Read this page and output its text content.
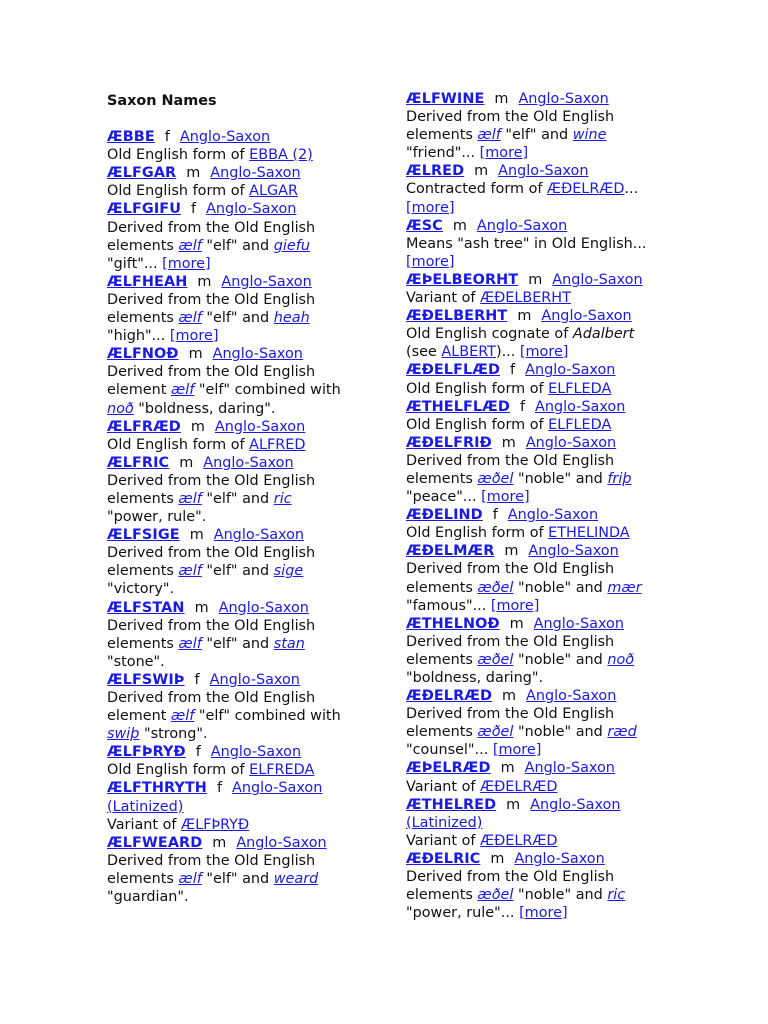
Saxon Names
ÆBBE f Anglo-Saxon
Old English form of EBBA (2)
ÆLFGAR m Anglo-Saxon
Old English form of ALGAR
ÆLFGIFU f Anglo-Saxon
Derived from the Old English
elements ælf "elf" and giefu
"gift"... [more]
ÆLFHEAH m Anglo-Saxon
Derived from the Old English
elements ælf "elf" and heah
"high"... [more]
ÆLFNOÐ m Anglo-Saxon
Derived from the Old English
element ælf "elf" combined with
noð "boldness, daring".
ÆLFRÆD m Anglo-Saxon
Old English form of ALFRED
ÆLFRIC m Anglo-Saxon
Derived from the Old English
elements ælf "elf" and ric
"power, rule".
ÆLFSIGE m Anglo-Saxon
Derived from the Old English
elements ælf "elf" and sige
"victory".
ÆLFSTAN m Anglo-Saxon
Derived from the Old English
elements ælf "elf" and stan
"stone".
ÆLFSWIÞ f Anglo-Saxon
Derived from the Old English
element ælf "elf" combined with
swiþ "strong".
ÆLFÞRYÐ f Anglo-Saxon
Old English form of ELFREDA
ÆLFTHRYTH f Anglo-Saxon
(Latinized)
Variant of ÆLFÞRYÐ
ÆLFWEARD m Anglo-Saxon
Derived from the Old English
elements ælf "elf" and weard
"guardian".
ÆLFWINE m Anglo-Saxon
Derived from the Old English
elements ælf "elf" and wine
"friend"... [more]
ÆLRED m Anglo-Saxon
Contracted form of ÆÐELRÆD...
[more]
ÆSC m Anglo-Saxon
Means "ash tree" in Old English...
[more]
ÆÞELBEORHT m Anglo-Saxon
Variant of ÆÐELBERHT
ÆÐELBERHT m Anglo-Saxon
Old English cognate of Adalbert
(see ALBERT)... [more]
ÆÐELFLÆD f Anglo-Saxon
Old English form of ELFLEDA
ÆTHELFLÆD f Anglo-Saxon
Old English form of ELFLEDA
ÆÐELFRIÐ m Anglo-Saxon
Derived from the Old English
elements æðel "noble" and friþ
"peace"... [more]
ÆÐELIND f Anglo-Saxon
Old English form of ETHELINDA
ÆÐELMÆR m Anglo-Saxon
Derived from the Old English
elements æðel "noble" and mær
"famous"... [more]
ÆTHELNOÐ m Anglo-Saxon
Derived from the Old English
elements æðel "noble" and noð
"boldness, daring".
ÆÐELRÆD m Anglo-Saxon
Derived from the Old English
elements æðel "noble" and ræd
"counsel"... [more]
ÆÞELRÆD m Anglo-Saxon
Variant of ÆÐELRÆD
ÆTHELRED m Anglo-Saxon
(Latinized)
Variant of ÆÐELRÆD
ÆÐELRIC m Anglo-Saxon
Derived from the Old English
elements æðel "noble" and ric
"power, rule"... [more]
